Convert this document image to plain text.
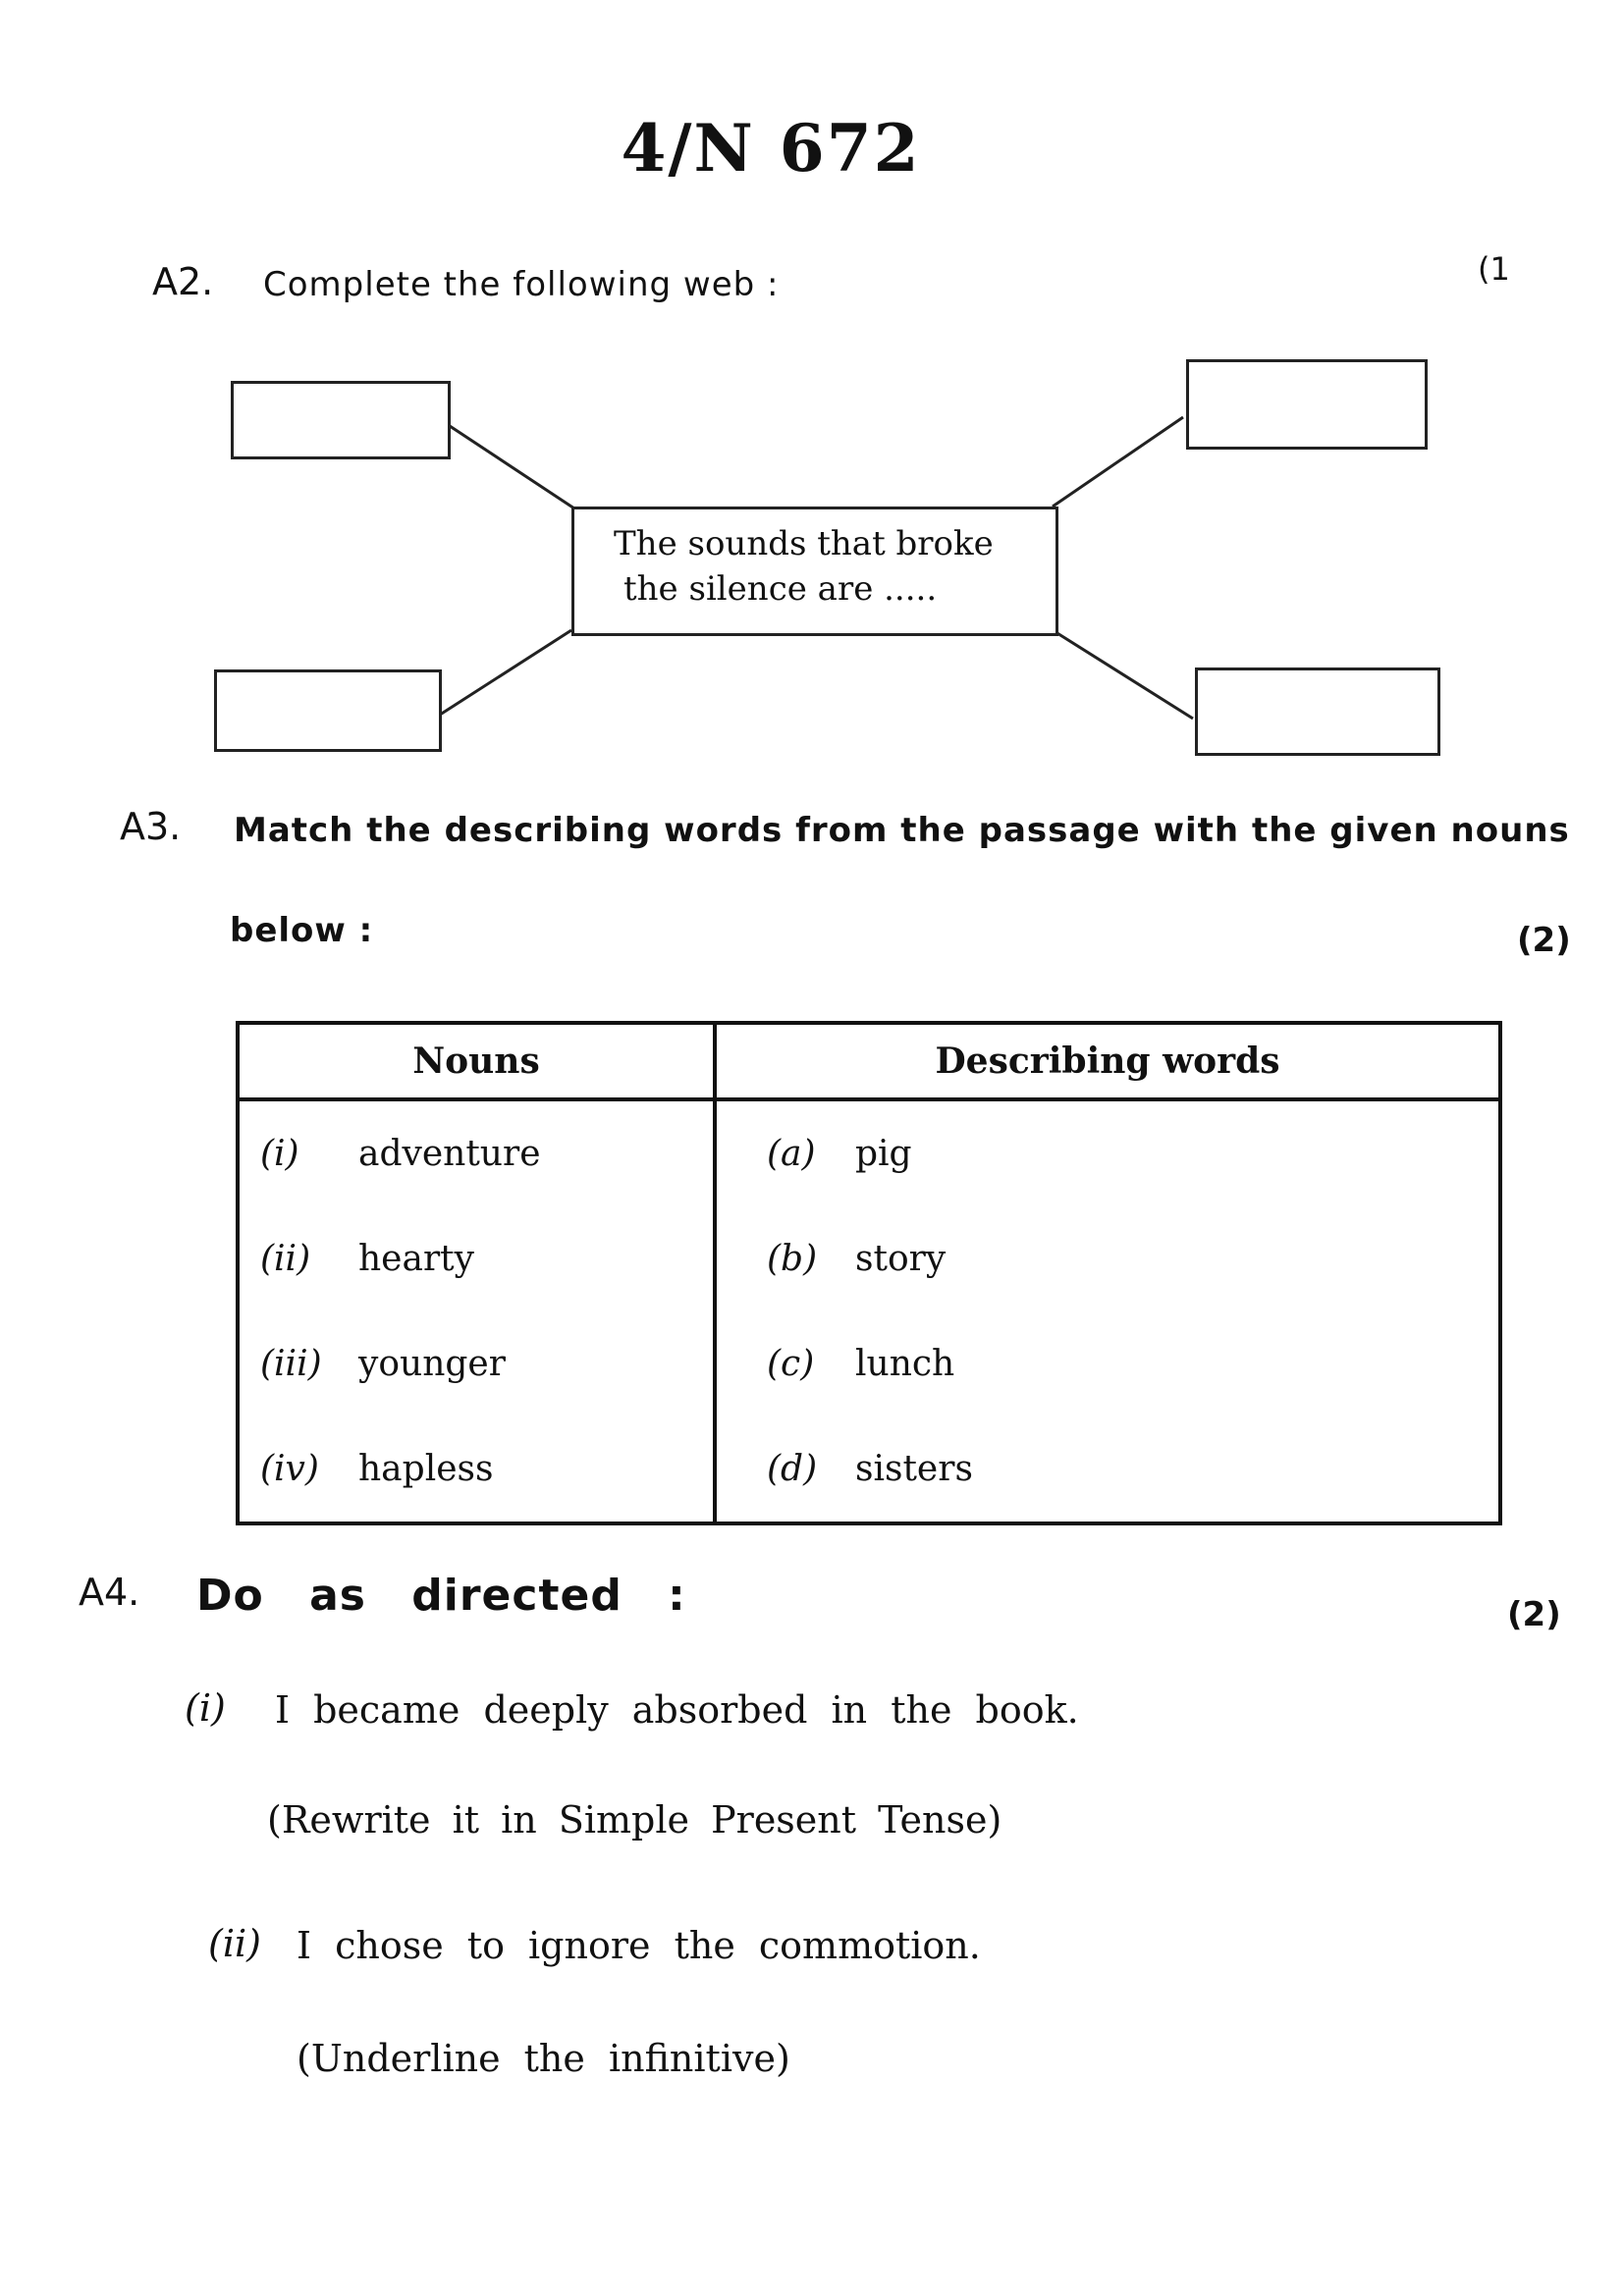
4/N 672
(1
A2. Complete the following web :
The sounds that broke
the silence are .....
A3. Match the describing words from the passage with the given nouns
below :	(2)
Nouns	Describing words
(i) adventure	(a) pig
(ii) hearty	(b) story
(iii) younger	(c) lunch
(iv) hapless	(d) sisters
A4. Do as directed :	(2)
(i) I became deeply absorbed in the book.
(Rewrite it in Simple Present Tense)
(ii) I chose to ignore the commotion.
(Underline the infinitive)
